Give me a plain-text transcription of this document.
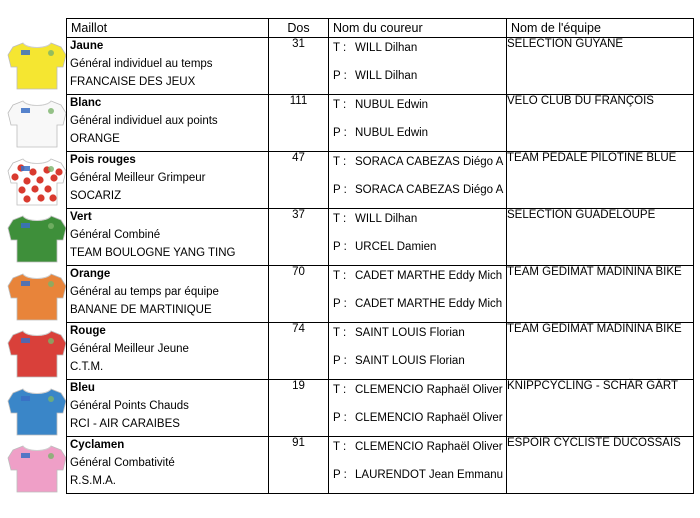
Maillot	Dos	Nom du coureur	Nom de l'équipe

Jaune
Général individuel au temps
FRANCAISE DES JEUX	31	T : WILL Dilhan
P : WILL Dilhan	SELECTION GUYANE

Blanc
Général individuel aux points
ORANGE	111	T : NUBUL Edwin
P : NUBUL Edwin	VELO CLUB DU FRANÇOIS

Pois rouges
Général Meilleur Grimpeur
SOCARIZ	47	T : SORACA CABEZAS Diégo A
P : SORACA CABEZAS Diégo A	TEAM PEDALE PILOTINE BLUE

Vert
Général Combiné
TEAM BOULOGNE YANG TING	37	T : WILL Dilhan
P : URCEL Damien	SELECTION GUADELOUPE

Orange
Général au temps par équipe
BANANE DE MARTINIQUE	70	T : CADET MARTHE Eddy Mich
P : CADET MARTHE Eddy Mich	TEAM GEDIMAT MADININA BIKE

Rouge
Général Meilleur Jeune
C.T.M.	74	T : SAINT LOUIS Florian
P : SAINT LOUIS Florian	TEAM GEDIMAT MADININA BIKE

Bleu
Général Points Chauds
RCI - AIR CARAIBES	19	T : CLEMENCIO Raphaël Oliver
P : CLEMENCIO Raphaël Oliver	KNIPPCYCLING - SCHÄR GÄRT

Cyclamen
Général Combativité
R.S.M.A.	91	T : CLEMENCIO Raphaël Oliver
P : LAURENDOT Jean Emmanu	ESPOIR CYCLISTE DUCOSSAIS
